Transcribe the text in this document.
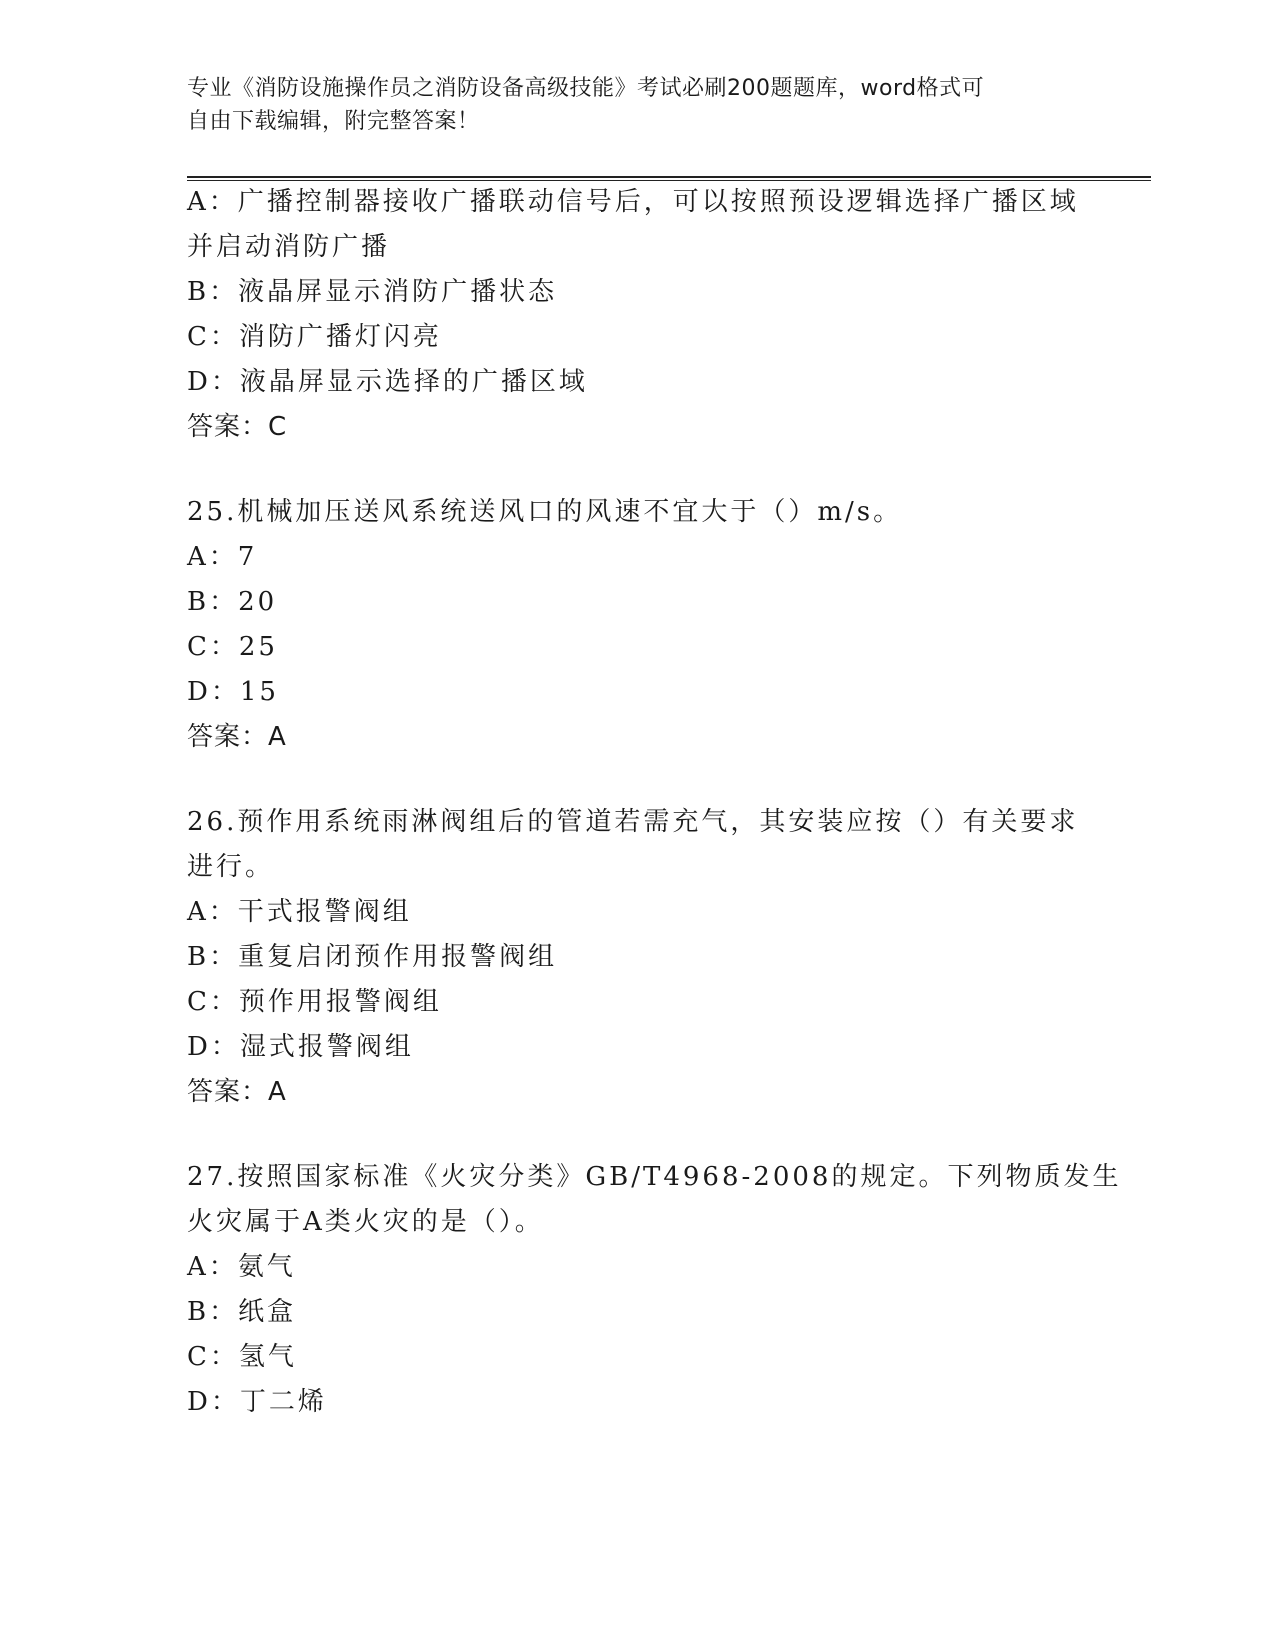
专业《消防设施操作员之消防设备高级技能》考试必刷200题题库，word格式可
自由下载编辑，附完整答案！
A：广播控制器接收广播联动信号后，可以按照预设逻辑选择广播区域
并启动消防广播
B：液晶屏显示消防广播状态
C：消防广播灯闪亮
D：液晶屏显示选择的广播区域
答案：C
25.机械加压送风系统送风口的风速不宜大于（）m/s。
A：7
B：20
C：25
D：15
答案：A
26.预作用系统雨淋阀组后的管道若需充气，其安装应按（）有关要求
进行。
A：干式报警阀组
B：重复启闭预作用报警阀组
C：预作用报警阀组
D：湿式报警阀组
答案：A
27.按照国家标准《火灾分类》GB/T4968-2008的规定。下列物质发生
火灾属于A类火灾的是（）。
A：氨气
B：纸盒
C：氢气
D：丁二烯
